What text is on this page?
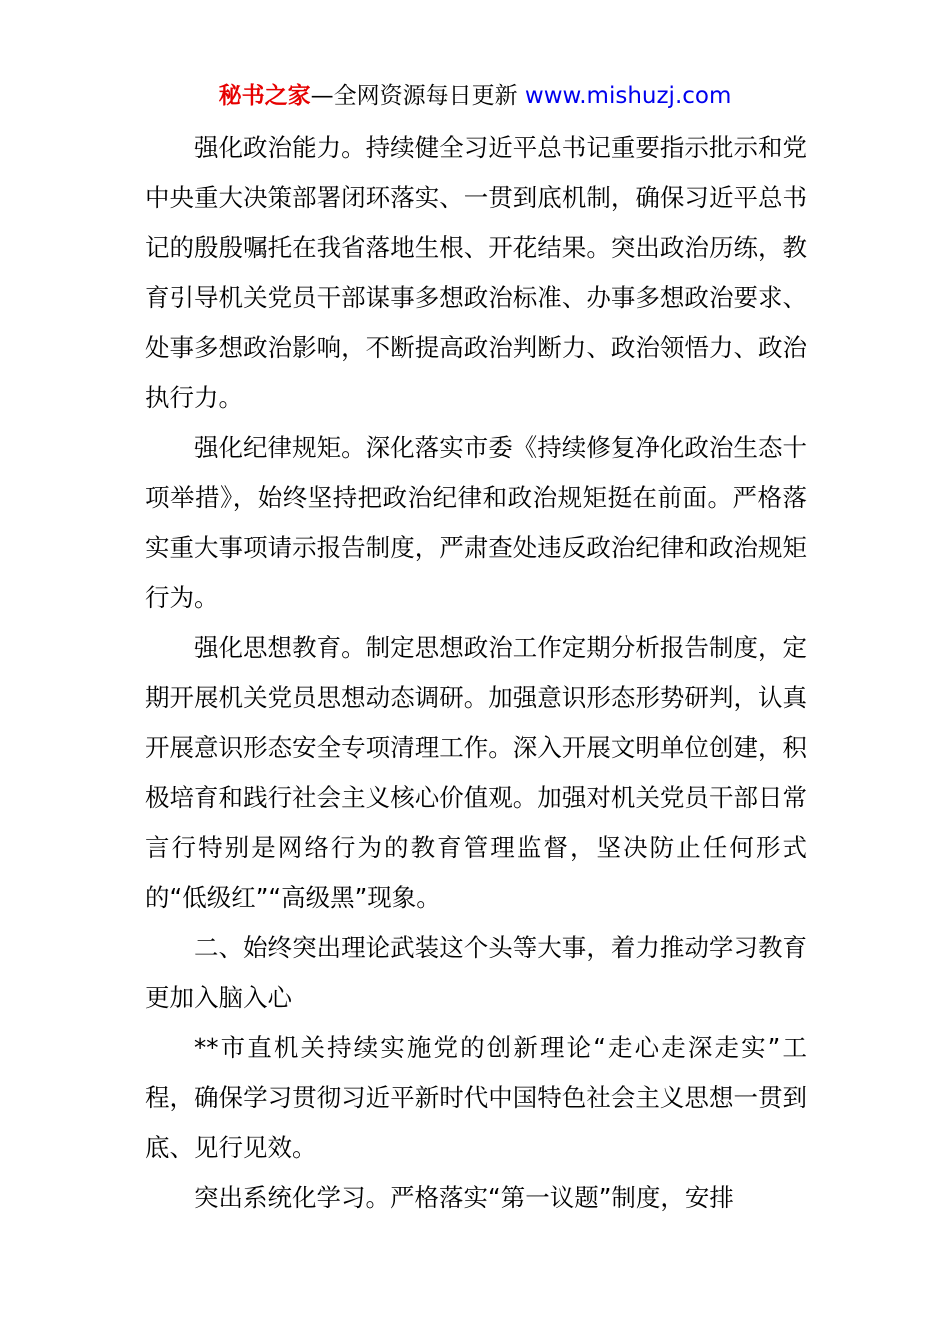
秘书之家—全网资源每日更新 www.mishuzj.com

强化政治能力。持续健全习近平总书记重要指示批示和党中央重大决策部署闭环落实、一贯到底机制，确保习近平总书记的殷殷嘱托在我省落地生根、开花结果。突出政治历练，教育引导机关党员干部谋事多想政治标准、办事多想政治要求、处事多想政治影响，不断提高政治判断力、政治领悟力、政治执行力。

强化纪律规矩。深化落实市委《持续修复净化政治生态十项举措》，始终坚持把政治纪律和政治规矩挺在前面。严格落实重大事项请示报告制度，严肃查处违反政治纪律和政治规矩行为。

强化思想教育。制定思想政治工作定期分析报告制度，定期开展机关党员思想动态调研。加强意识形态形势研判，认真开展意识形态安全专项清理工作。深入开展文明单位创建，积极培育和践行社会主义核心价值观。加强对机关党员干部日常言行特别是网络行为的教育管理监督，坚决防止任何形式的“低级红”“高级黑”现象。

二、始终突出理论武装这个头等大事，着力推动学习教育更加入脑入心

**市直机关持续实施党的创新理论“走心走深走实”工程，确保学习贯彻习近平新时代中国特色社会主义思想一贯到底、见行见效。

突出系统化学习。严格落实“第一议题”制度，安排
